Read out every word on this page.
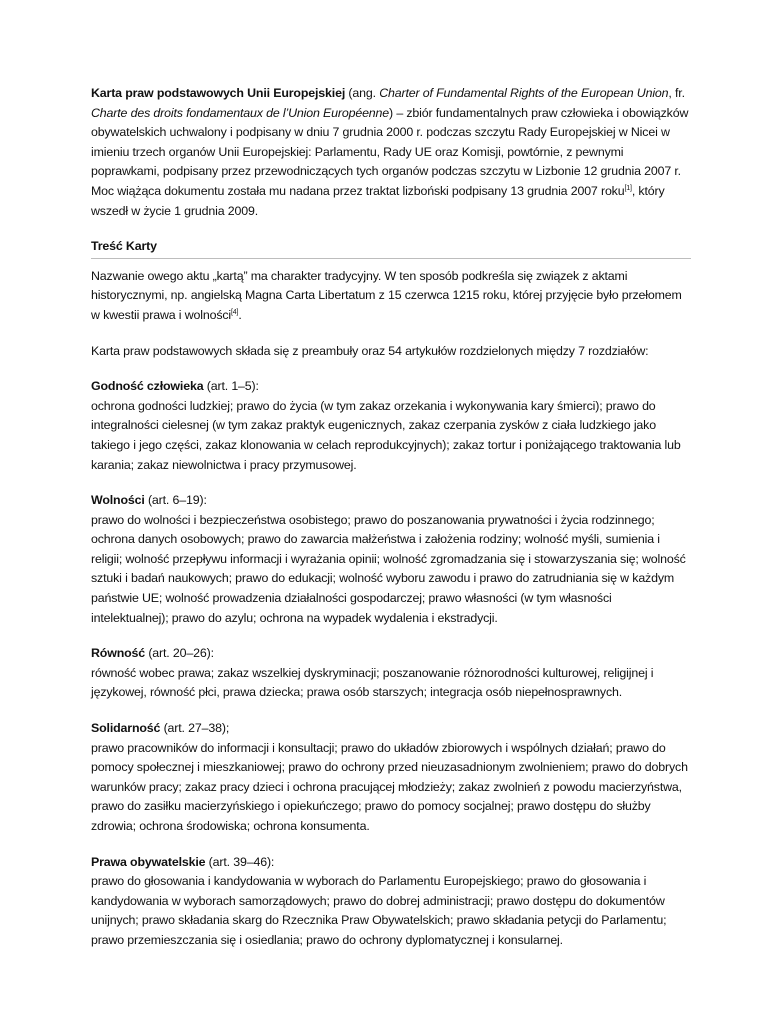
Karta praw podstawowych Unii Europejskiej (ang. Charter of Fundamental Rights of the European Union, fr. Charte des droits fondamentaux de l’Union Européenne) – zbiór fundamentalnych praw człowieka i obowiązków obywatelskich uchwalony i podpisany w dniu 7 grudnia 2000 r. podczas szczytu Rady Europejskiej w Nicei w imieniu trzech organów Unii Europejskiej: Parlamentu, Rady UE oraz Komisji, powtórnie, z pewnymi poprawkami, podpisany przez przewodniczących tych organów podczas szczytu w Lizbonie 12 grudnia 2007 r. Moc wiążąca dokumentu została mu nadana przez traktat lizboński podpisany 13 grudnia 2007 roku[1], który wszedł w życie 1 grudnia 2009.

Treść Karty

Nazwanie owego aktu „kartą” ma charakter tradycyjny. W ten sposób podkreśla się związek z aktami historycznymi, np. angielską Magna Carta Libertatum z 15 czerwca 1215 roku, której przyjęcie było przełomem w kwestii prawa i wolności[4].

Karta praw podstawowych składa się z preambuły oraz 54 artykułów rozdzielonych między 7 rozdziałów:

Godność człowieka (art. 1–5):
ochrona godności ludzkiej; prawo do życia (w tym zakaz orzekania i wykonywania kary śmierci); prawo do integralności cielesnej (w tym zakaz praktyk eugenicznych, zakaz czerpania zysków z ciała ludzkiego jako takiego i jego części, zakaz klonowania w celach reprodukcyjnych); zakaz tortur i poniżającego traktowania lub karania; zakaz niewolnictwa i pracy przymusowej.

Wolności (art. 6–19):
prawo do wolności i bezpieczeństwa osobistego; prawo do poszanowania prywatności i życia rodzinnego; ochrona danych osobowych; prawo do zawarcia małżeństwa i założenia rodziny; wolność myśli, sumienia i religii; wolność przepływu informacji i wyrażania opinii; wolność zgromadzania się i stowarzyszania się; wolność sztuki i badań naukowych; prawo do edukacji; wolność wyboru zawodu i prawo do zatrudniania się w każdym państwie UE; wolność prowadzenia działalności gospodarczej; prawo własności (w tym własności intelektualnej); prawo do azylu; ochrona na wypadek wydalenia i ekstradycji.

Równość (art. 20–26):
równość wobec prawa; zakaz wszelkiej dyskryminacji; poszanowanie różnorodności kulturowej, religijnej i językowej, równość płci, prawa dziecka; prawa osób starszych; integracja osób niepełnosprawnych.

Solidarność (art. 27–38);
prawo pracowników do informacji i konsultacji; prawo do układów zbiorowych i wspólnych działań; prawo do pomocy społecznej i mieszkaniowej; prawo do ochrony przed nieuzasadnionym zwolnieniem; prawo do dobrych warunków pracy; zakaz pracy dzieci i ochrona pracującej młodzieży; zakaz zwolnień z powodu macierzyństwa, prawo do zasiłku macierzyńskiego i opiekuńczego; prawo do pomocy socjalnej; prawo dostępu do służby zdrowia; ochrona środowiska; ochrona konsumenta.

Prawa obywatelskie (art. 39–46):
prawo do głosowania i kandydowania w wyborach do Parlamentu Europejskiego; prawo do głosowania i kandydowania w wyborach samorządowych; prawo do dobrej administracji; prawo dostępu do dokumentów unijnych; prawo składania skarg do Rzecznika Praw Obywatelskich; prawo składania petycji do Parlamentu; prawo przemieszczania się i osiedlania; prawo do ochrony dyplomatycznej i konsularnej.
